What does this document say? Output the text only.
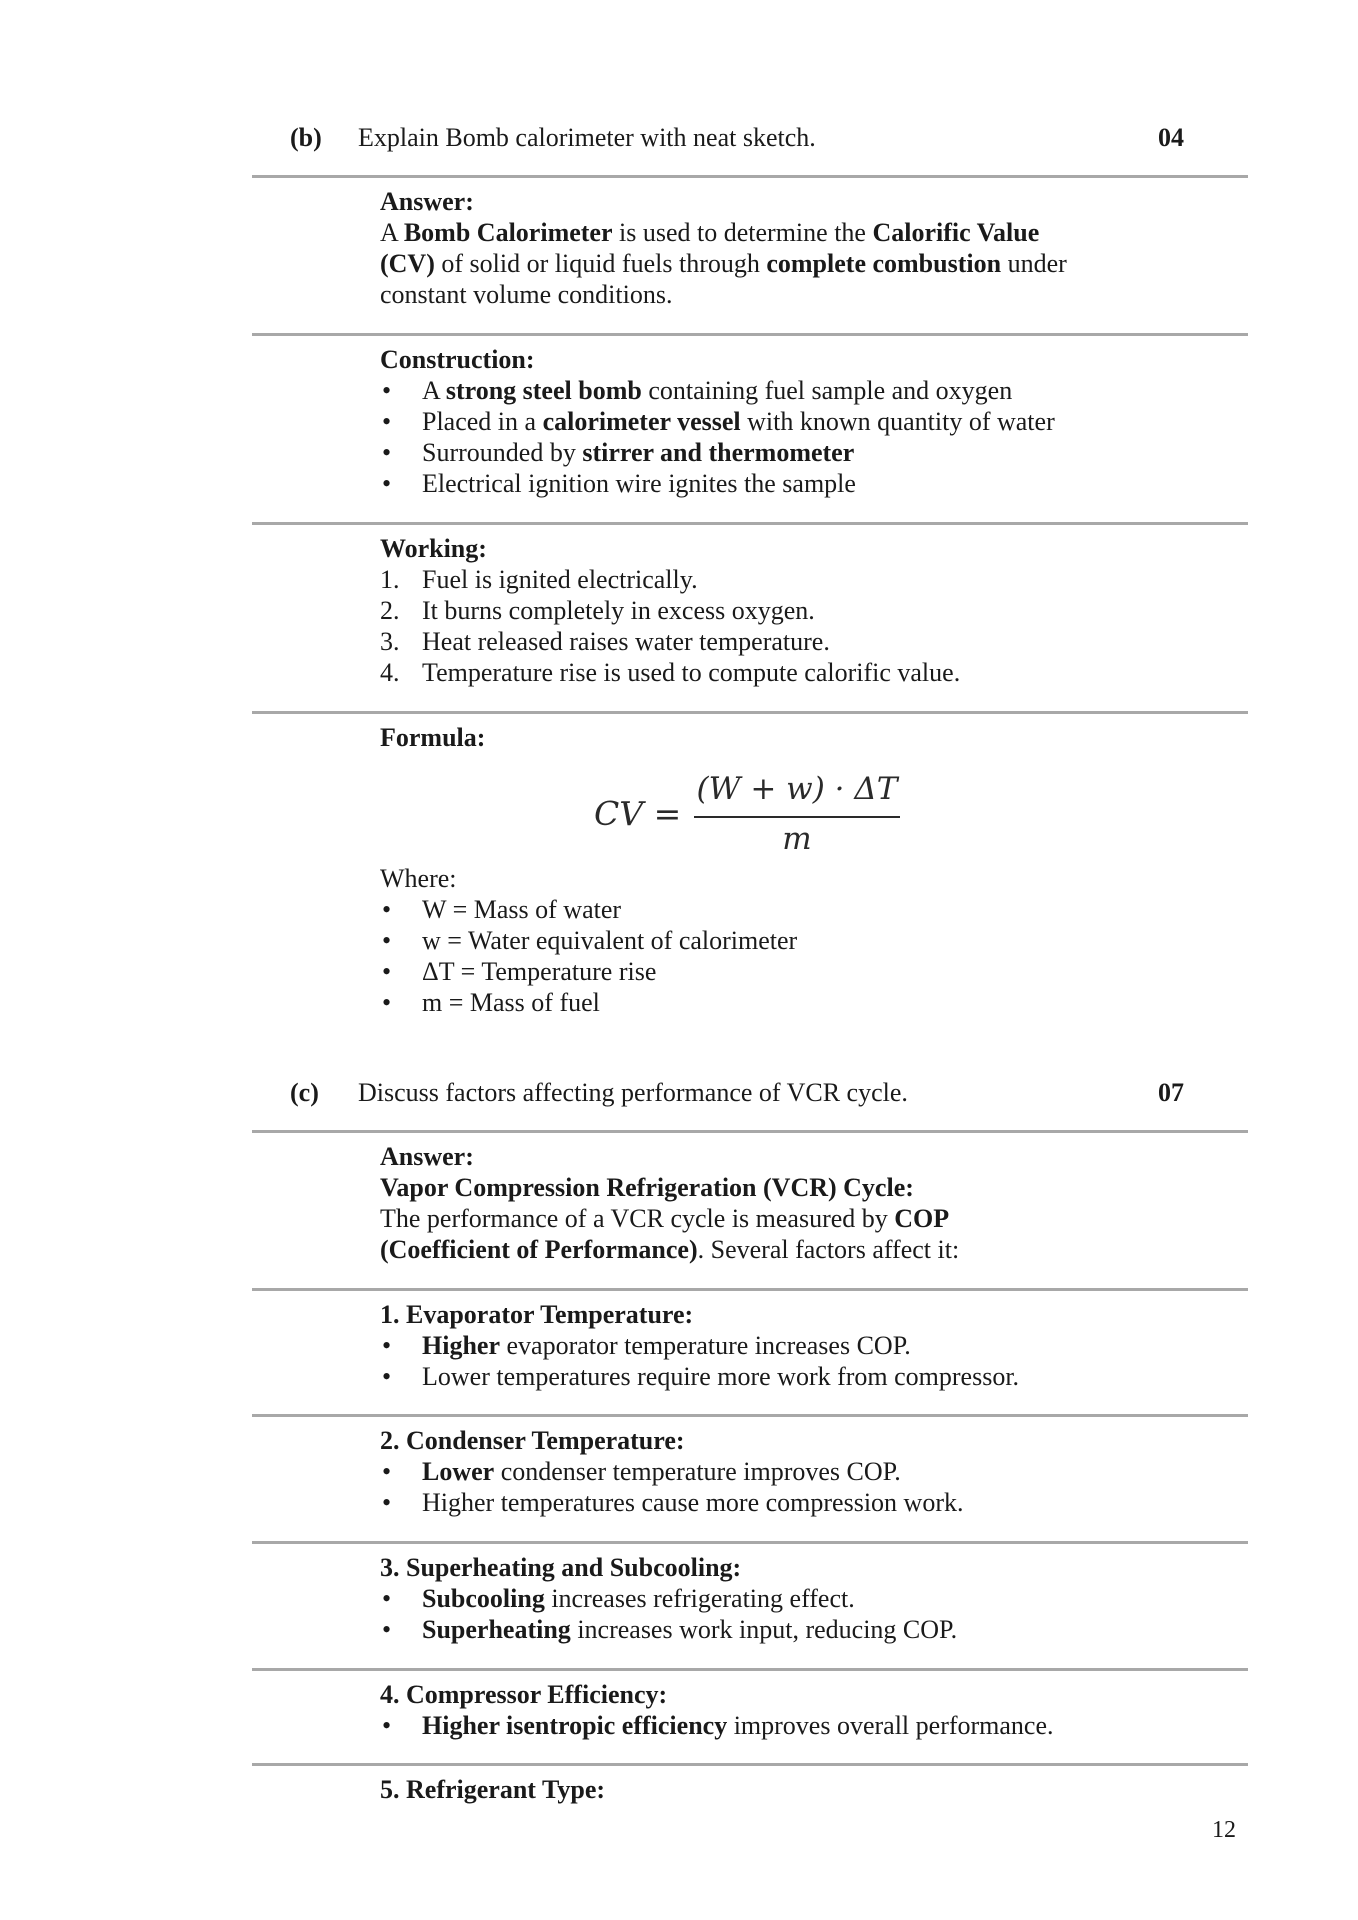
(b) Explain Bomb calorimeter with neat sketch.	04
Answer:
A Bomb Calorimeter is used to determine the Calorific Value
(CV) of solid or liquid fuels through complete combustion under
constant volume conditions.
Construction:
• A strong steel bomb containing fuel sample and oxygen
• Placed in a calorimeter vessel with known quantity of water
• Surrounded by stirrer and thermometer
• Electrical ignition wire ignites the sample
Working:
1. Fuel is ignited electrically.
2. It burns completely in excess oxygen.
3. Heat released raises water temperature.
4. Temperature rise is used to compute calorific value.
Formula:
CV =
(W + w) · ΔT
m
Where:
• W = Mass of water
• w = Water equivalent of calorimeter
• ΔT = Temperature rise
• m = Mass of fuel
(c) Discuss factors affecting performance of VCR cycle.	07
Answer:
Vapor Compression Refrigeration (VCR) Cycle:
The performance of a VCR cycle is measured by COP
(Coefficient of Performance). Several factors affect it:
1. Evaporator Temperature:
• Higher evaporator temperature increases COP.
• Lower temperatures require more work from compressor.
2. Condenser Temperature:
• Lower condenser temperature improves COP.
• Higher temperatures cause more compression work.
3. Superheating and Subcooling:
• Subcooling increases refrigerating effect.
• Superheating increases work input, reducing COP.
4. Compressor Efficiency:
• Higher isentropic efficiency improves overall performance.
5. Refrigerant Type:
12
